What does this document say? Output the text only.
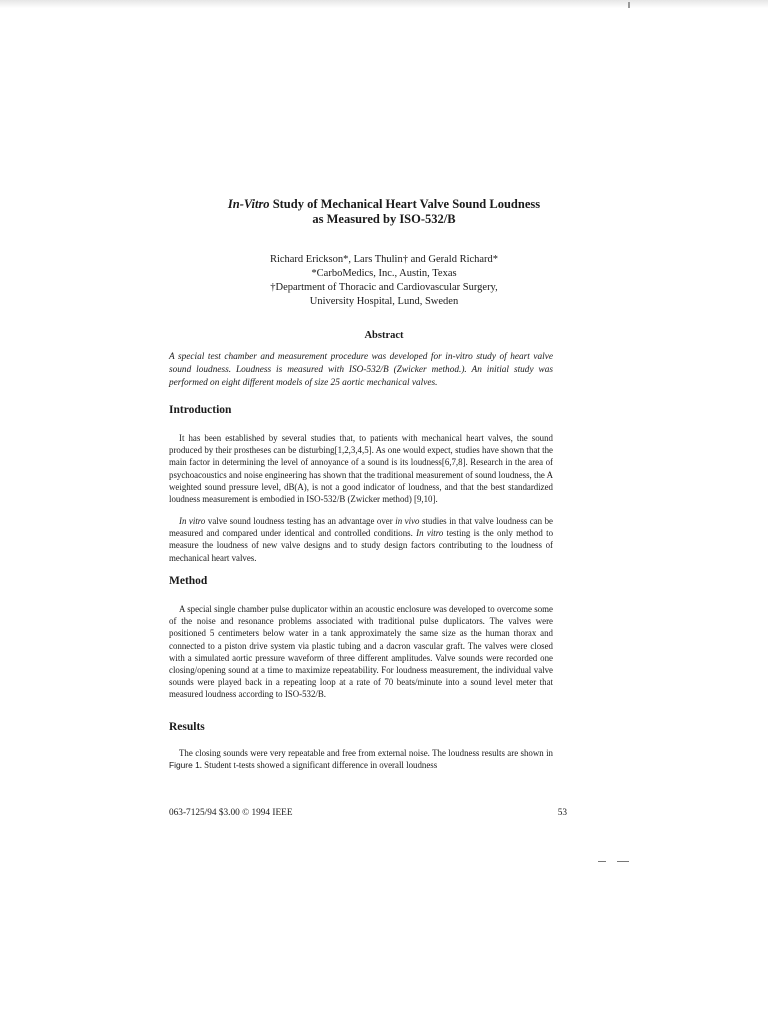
In-Vitro Study of Mechanical Heart Valve Sound Loudness
as Measured by ISO-532/B
Richard Erickson*, Lars Thulin† and Gerald Richard*
*CarboMedics, Inc., Austin, Texas
†Department of Thoracic and Cardiovascular Surgery,
University Hospital, Lund, Sweden
Abstract
A special test chamber and measurement procedure was developed for in-vitro study of heart valve sound loudness. Loudness is measured with ISO-532/B (Zwicker method.). An initial study was performed on eight different models of size 25 aortic mechanical valves.
Introduction
It has been established by several studies that, to patients with mechanical heart valves, the sound produced by their prostheses can be disturbing[1,2,3,4,5]. As one would expect, studies have shown that the main factor in determining the level of annoyance of a sound is its loudness[6,7,8]. Research in the area of psychoacoustics and noise engineering has shown that the traditional measurement of sound loudness, the A weighted sound pressure level, dB(A), is not a good indicator of loudness, and that the best standardized loudness measurement is embodied in ISO-532/B (Zwicker method) [9,10].
In vitro valve sound loudness testing has an advantage over in vivo studies in that valve loudness can be measured and compared under identical and controlled conditions. In vitro testing is the only method to measure the loudness of new valve designs and to study design factors contributing to the loudness of mechanical heart valves.
Method
A special single chamber pulse duplicator within an acoustic enclosure was developed to overcome some of the noise and resonance problems associated with traditional pulse duplicators. The valves were positioned 5 centimeters below water in a tank approximately the same size as the human thorax and connected to a piston drive system via plastic tubing and a dacron vascular graft. The valves were closed with a simulated aortic pressure waveform of three different amplitudes. Valve sounds were recorded one closing/opening sound at a time to maximize repeatability. For loudness measurement, the individual valve sounds were played back in a repeating loop at a rate of 70 beats/minute into a sound level meter that measured loudness according to ISO-532/B.
Results
The closing sounds were very repeatable and free from external noise. The loudness results are shown in Figure 1. Student t-tests showed a significant difference in overall loudness
063-7125/94 $3.00 © 1994 IEEE	53
